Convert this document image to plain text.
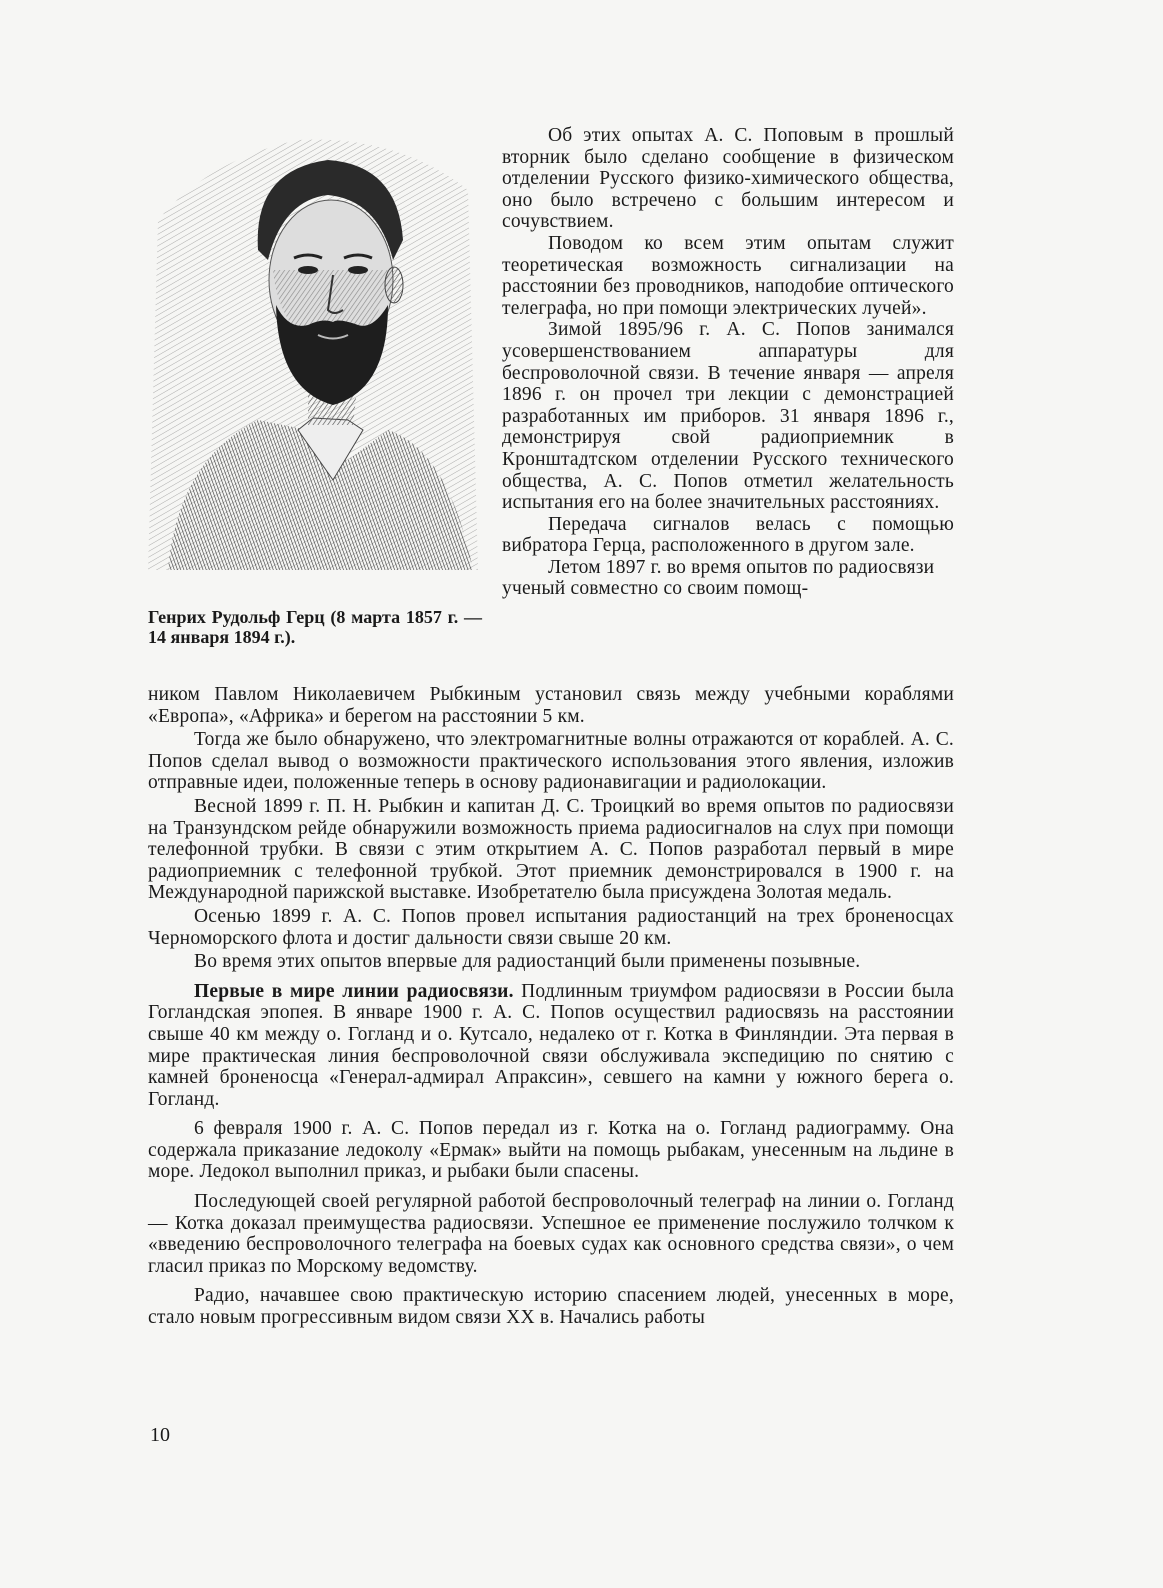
Генрих Рудольф Герц (8 марта 1857 г. — 14 января 1894 г.).

Об этих опытах А. С. Поповым в прошлый вторник было сделано сообщение в физическом отделении Русского физико-химического общества, оно было встречено с большим интересом и сочувствием.

Поводом ко всем этим опытам служит теоретическая возможность сигнализации на расстоянии без проводников, наподобие оптического телеграфа, но при помощи электрических лучей».

Зимой 1895/96 г. А. С. Попов занимался усовершенствованием аппаратуры для беспроволочной связи. В течение января — апреля 1896 г. он прочел три лекции с демонстрацией разработанных им приборов. 31 января 1896 г., демонстрируя свой радиоприемник в Кронштадтском отделении Русского технического общества, А. С. Попов отметил желательность испытания его на более значительных расстояниях.

Передача сигналов велась с помощью вибратора Герца, расположенного в другом зале.

Летом 1897 г. во время опытов по радиосвязи ученый совместно со своим помощ-

ником Павлом Николаевичем Рыбкиным установил связь между учебными кораблями «Европа», «Африка» и берегом на расстоянии 5 км.

Тогда же было обнаружено, что электромагнитные волны отражаются от кораблей. А. С. Попов сделал вывод о возможности практического использования этого явления, изложив отправные идеи, положенные теперь в основу радионавигации и радиолокации.

Весной 1899 г. П. Н. Рыбкин и капитан Д. С. Троицкий во время опытов по радиосвязи на Транзундском рейде обнаружили возможность приема радиосигналов на слух при помощи телефонной трубки. В связи с этим открытием А. С. Попов разработал первый в мире радиоприемник с телефонной трубкой. Этот приемник демонстрировался в 1900 г. на Международной парижской выставке. Изобретателю была присуждена Золотая медаль.

Осенью 1899 г. А. С. Попов провел испытания радиостанций на трех броненосцах Черноморского флота и достиг дальности связи свыше 20 км.

Во время этих опытов впервые для радиостанций были применены позывные.

Первые в мире линии радиосвязи. Подлинным триумфом радиосвязи в России была Гогландская эпопея. В январе 1900 г. А. С. Попов осуществил радиосвязь на расстоянии свыше 40 км между о. Гогланд и о. Кутсало, недалеко от г. Котка в Финляндии. Эта первая в мире практическая линия беспроволочной связи обслуживала экспедицию по снятию с камней броненосца «Генерал-адмирал Апраксин», севшего на камни у южного берега о. Гогланд.

6 февраля 1900 г. А. С. Попов передал из г. Котка на о. Гогланд радиограмму. Она содержала приказание ледоколу «Ермак» выйти на помощь рыбакам, унесенным на льдине в море. Ледокол выполнил приказ, и рыбаки были спасены.

Последующей своей регулярной работой беспроволочный телеграф на линии о. Гогланд — Котка доказал преимущества радиосвязи. Успешное ее применение послужило толчком к «введению беспроволочного телеграфа на боевых судах как основного средства связи», о чем гласил приказ по Морскому ведомству.

Радио, начавшее свою практическую историю спасением людей, унесенных в море, стало новым прогрессивным видом связи XX в. Начались работы

10
